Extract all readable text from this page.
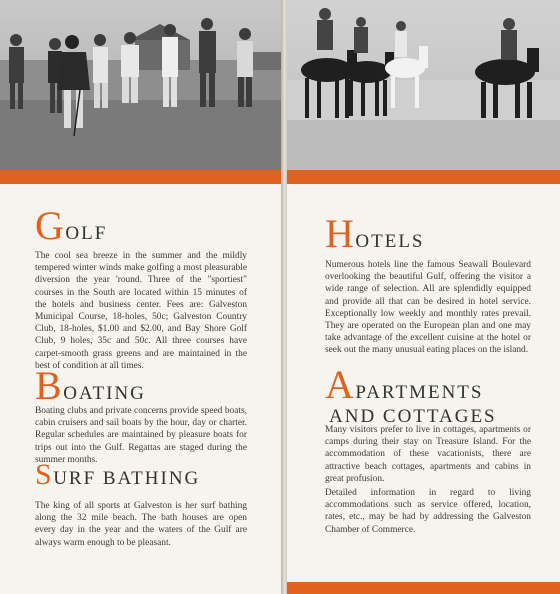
GOLF

The cool sea breeze in the summer and the mildly tempered winter winds make golfing a most pleasurable diversion the year 'round. Three of the "sportiest" courses in the South are located within 15 minutes of the hotels and business center. Fees are: Galveston Municipal Course, 18-holes, 50c; Galveston Country Club, 18-holes, $1.00 and $2.00, and Bay Shore Golf Club, 9 holes, 35c and 50c. All three courses have carpet-smooth grass greens and are maintained in the best of condition at all times.

BOATING

Boating clubs and private concerns provide speed boats, cabin cruisers and sail boats by the hour, day or charter. Regular schedules are maintained by pleasure boats for trips out into the Gulf. Regattas are staged during the summer months.

SURF BATHING

The king of all sports at Galveston is her surf bathing along the 32 mile beach. The bath houses are open every day in the year and the waters of the Gulf are always warm enough to be pleasant.

HOTELS

Numerous hotels line the famous Seawall Boulevard overlooking the beautiful Gulf, offering the visitor a wide range of selection. All are splendidly equipped and provide all that can be desired in hotel service. Exceptionally low weekly and monthly rates prevail. They are operated on the European plan and one may take advantage of the excellent cuisine at the hotel or seek out the many unusual eating places on the island.

APARTMENTS
AND COTTAGES

Many visitors prefer to live in cottages, apartments or camps during their stay on Treasure Island. For the accommodation of these vacationists, there are attractive beach cottages, apartments and cabins in great profusion.

Detailed information in regard to living accommodations such as service offered, location, rates, etc., may be had by addressing the Galveston Chamber of Commerce.
